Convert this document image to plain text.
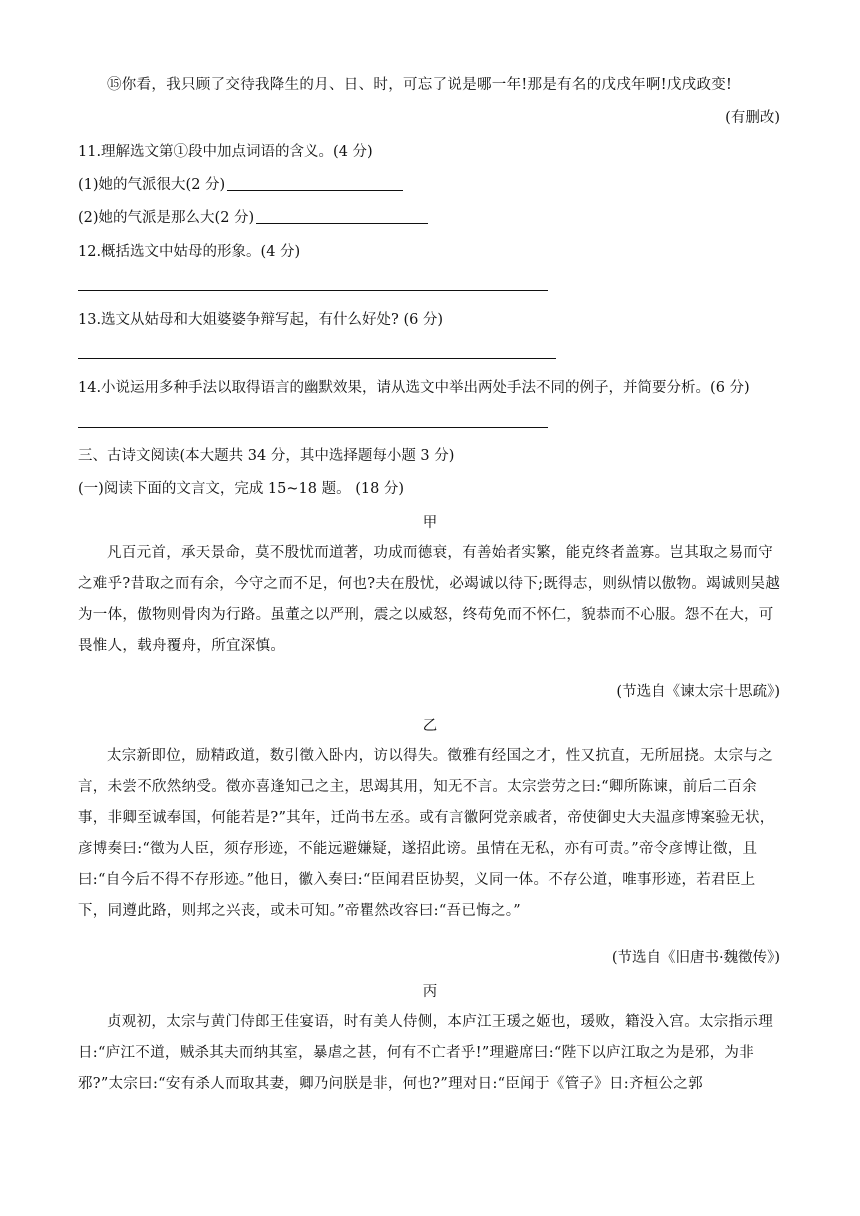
⑮你看，我只顾了交待我降生的月、日、时，可忘了说是哪一年!那是有名的戊戌年啊!戊戌政变!
(有删改)
11.理解选文第①段中加点词语的含义。(4 分)
(1)她的气派很大(2 分)
(2)她的气派是那么大(2 分)
12.概括选文中姑母的形象。(4 分)
13.选文从姑母和大姐婆婆争辩写起，有什么好处? (6 分)
14.小说运用多种手法以取得语言的幽默效果，请从选文中举出两处手法不同的例子，并简要分析。(6 分)
三、古诗文阅读(本大题共 34 分，其中选择题每小题 3 分)
(一)阅读下面的文言文，完成 15~18 题。 (18 分)
甲
凡百元首，承天景命，莫不殷忧而道著，功成而德衰，有善始者实繁，能克终者盖寡。岂其取之易而守之难乎?昔取之而有余，今守之而不足，何也?夫在殷忧，必竭诚以待下;既得志，则纵情以傲物。竭诚则吴越为一体，傲物则骨肉为行路。虽董之以严刑，震之以威怒，终苟免而不怀仁，貌恭而不心服。怨不在大，可畏惟人，载舟覆舟，所宜深慎。
(节选自《谏太宗十思疏》)
乙
太宗新即位，励精政道，数引徵入卧内，访以得失。徵雅有经国之才，性又抗直，无所屈挠。太宗与之言，未尝不欣然纳受。徵亦喜逢知己之主，思竭其用，知无不言。太宗尝劳之曰:“卿所陈谏，前后二百余事，非卿至诚奉国，何能若是?”其年，迁尚书左丞。或有言徽阿党亲戚者，帝使御史大夫温彦博案验无状，彦博奏曰:“徵为人臣，须存形迹，不能远避嫌疑，遂招此谤。虽情在无私，亦有可责。”帝令彦博让徵，且曰:“自今后不得不存形迹。”他日，徽入奏曰:“臣闻君臣协契，义同一体。不存公道，唯事形迹，若君臣上下，同遵此路，则邦之兴丧，或未可知。”帝瞿然改容曰:“吾已悔之。”
(节选自《旧唐书·魏徵传》)
丙
贞观初，太宗与黄门侍郎王佳宴语，时有美人侍侧，本庐江王瑗之姬也，瑗败，籍没入宫。太宗指示理日:“庐江不道，贼杀其夫而纳其室，暴虐之甚，何有不亡者乎!”理避席曰:“陛下以庐江取之为是邪，为非邪?”太宗曰:“安有杀人而取其妻，卿乃问朕是非，何也?”理对日:“臣闻于《管子》日:齐桓公之郭
